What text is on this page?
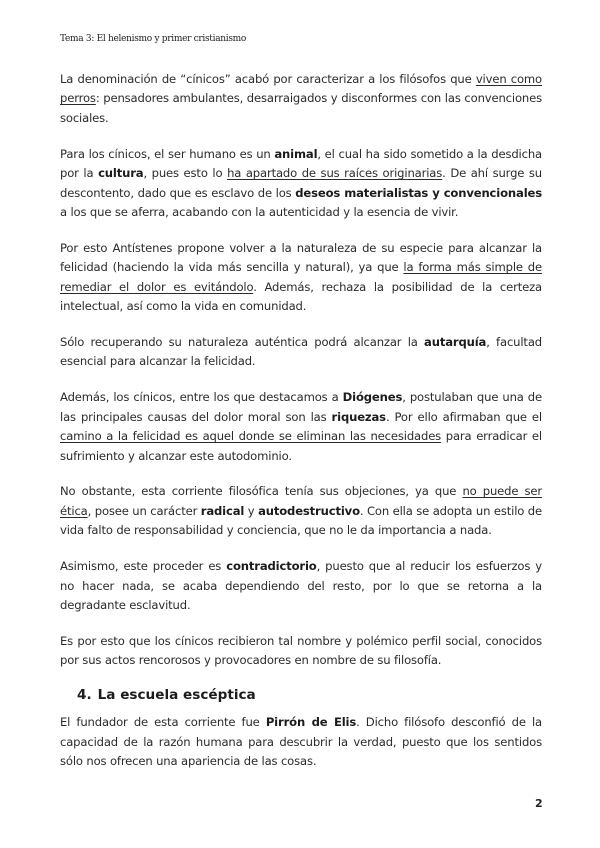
Tema 3: El helenismo y primer cristianismo

La denominación de “cínicos” acabó por caracterizar a los filósofos que viven como perros: pensadores ambulantes, desarraigados y disconformes con las convenciones sociales.

Para los cínicos, el ser humano es un animal, el cual ha sido sometido a la desdicha por la cultura, pues esto lo ha apartado de sus raíces originarias. De ahí surge su descontento, dado que es esclavo de los deseos materialistas y convencionales a los que se aferra, acabando con la autenticidad y la esencia de vivir.

Por esto Antístenes propone volver a la naturaleza de su especie para alcanzar la felicidad (haciendo la vida más sencilla y natural), ya que la forma más simple de remediar el dolor es evitándolo. Además, rechaza la posibilidad de la certeza intelectual, así como la vida en comunidad.

Sólo recuperando su naturaleza auténtica podrá alcanzar la autarquía, facultad esencial para alcanzar la felicidad.

Además, los cínicos, entre los que destacamos a Diógenes, postulaban que una de las principales causas del dolor moral son las riquezas. Por ello afirmaban que el camino a la felicidad es aquel donde se eliminan las necesidades para erradicar el sufrimiento y alcanzar este autodominio.

No obstante, esta corriente filosófica tenía sus objeciones, ya que no puede ser ética, posee un carácter radical y autodestructivo. Con ella se adopta un estilo de vida falto de responsabilidad y conciencia, que no le da importancia a nada.

Asimismo, este proceder es contradictorio, puesto que al reducir los esfuerzos y no hacer nada, se acaba dependiendo del resto, por lo que se retorna a la degradante esclavitud.

Es por esto que los cínicos recibieron tal nombre y polémico perfil social, conocidos por sus actos rencorosos y provocadores en nombre de su filosofía.

4. La escuela escéptica

El fundador de esta corriente fue Pirrón de Elis. Dicho filósofo desconfió de la capacidad de la razón humana para descubrir la verdad, puesto que los sentidos sólo nos ofrecen una apariencia de las cosas.

2
